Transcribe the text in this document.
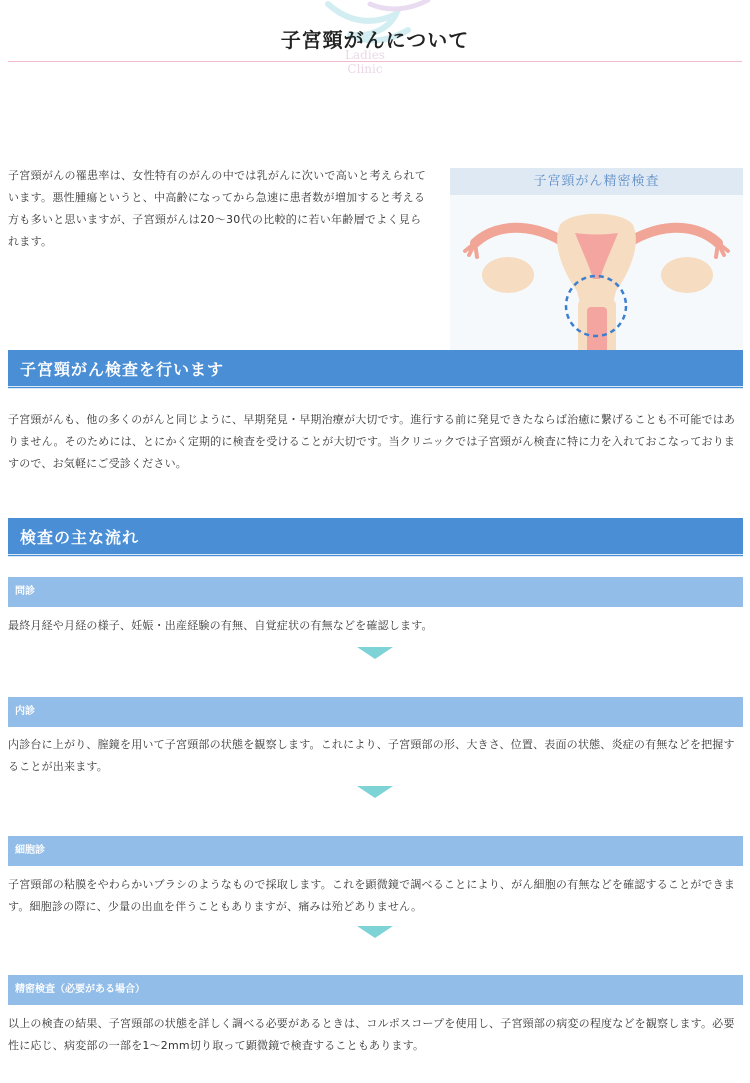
Ladies Clinic
子宮頸がんについて

子宮頸がんの罹患率は、女性特有のがんの中では乳がんに次いで高いと考えられています。悪性腫瘍というと、中高齢になってから急速に患者数が増加すると考える方も多いと思いますが、子宮頸がんは20〜30代の比較的に若い年齢層でよく見られます。

子宮頸がん精密検査
子宮頸がん検査を行います

子宮頸がんも、他の多くのがんと同じように、早期発見・早期治療が大切です。進行する前に発見できたならば治癒に繋げることも不可能ではありません。そのためには、とにかく定期的に検査を受けることが大切です。当クリニックでは子宮頸がん検査に特に力を入れておこなっておりますので、お気軽にご受診ください。

検査の主な流れ
問診

最終月経や月経の様子、妊娠・出産経験の有無、自覚症状の有無などを確認します。

内診

内診台に上がり、膣鏡を用いて子宮頸部の状態を観察します。これにより、子宮頸部の形、大きさ、位置、表面の状態、炎症の有無などを把握することが出来ます。

細胞診

子宮頸部の粘膜をやわらかいブラシのようなもので採取します。これを顕微鏡で調べることにより、がん細胞の有無などを確認することができます。細胞診の際に、少量の出血を伴うこともありますが、痛みは殆どありません。

精密検査（必要がある場合）

以上の検査の結果、子宮頸部の状態を詳しく調べる必要があるときは、コルポスコープを使用し、子宮頸部の病変の程度などを観察します。必要性に応じ、病変部の一部を1〜2mm切り取って顕微鏡で検査することもあります。
